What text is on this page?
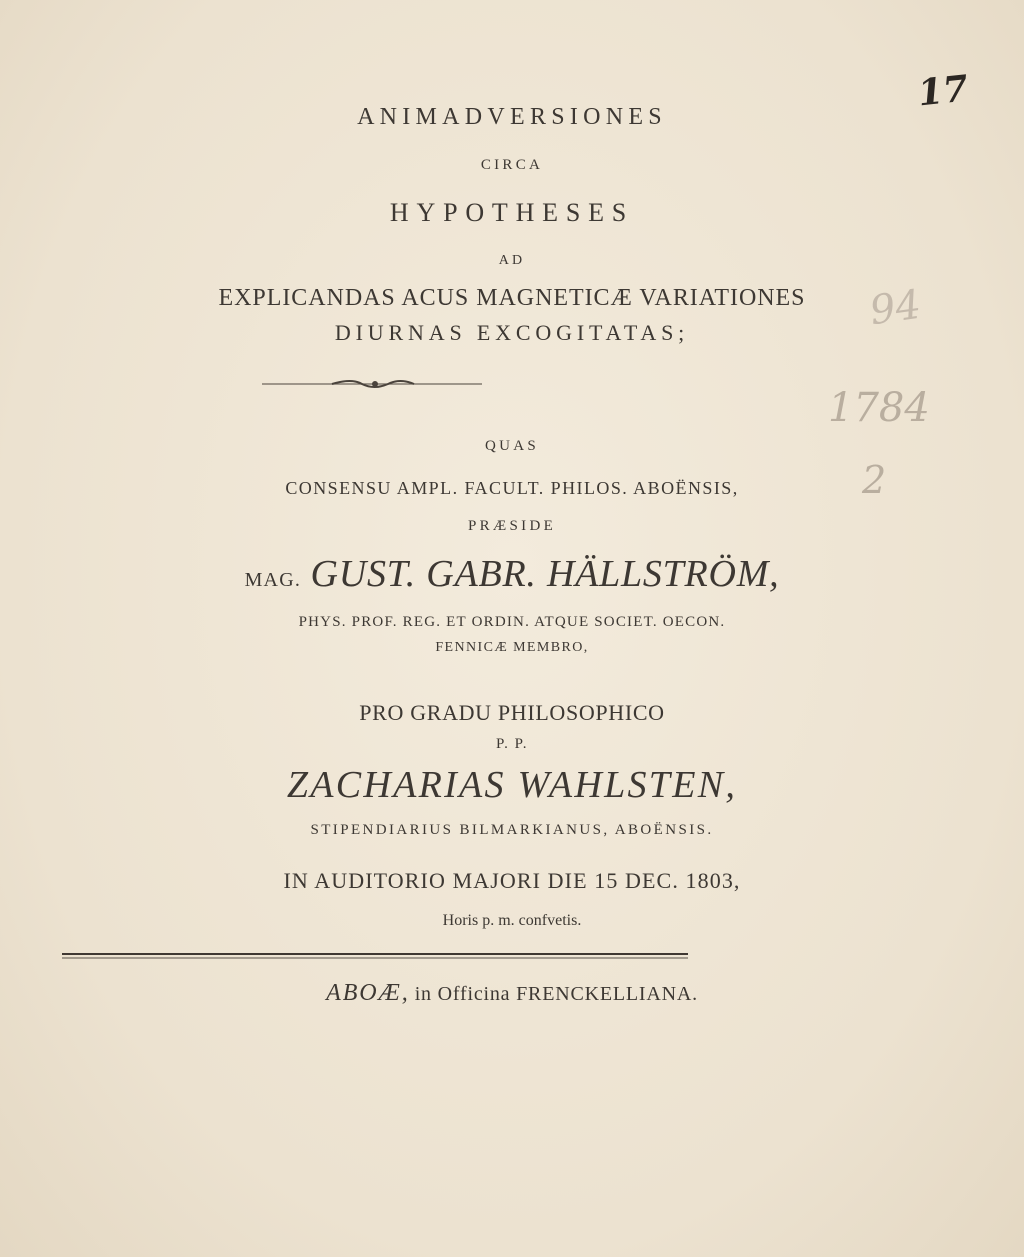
ANIMADVERSIONES
CIRCA
HYPOTHESES
AD
EXPLICANDAS ACUS MAGNETICÆ VARIATIONES
DIURNAS EXCOGITATAS;
QUAS
CONSENSU AMPL. FACULT. PHILOS. ABOËNSIS,
PRÆSIDE
MAG. GUST. GABR. HÄLLSTRÖM,
PHYS. PROF. REG. ET ORDIN. ATQUE SOCIET. OECON.
FENNICÆ MEMBRO,
PRO GRADU PHILOSOPHICO
P. P.
ZACHARIAS WAHLSTEN,
STIPENDIARIUS BILMARKIANUS, ABOËNSIS.
IN AUDITORIO MAJORI DIE 15 DEC. 1803,
Horis p. m. confvetis.
ABOÆ, in Officina FRENCKELLIANA.
17
94
1784
2
